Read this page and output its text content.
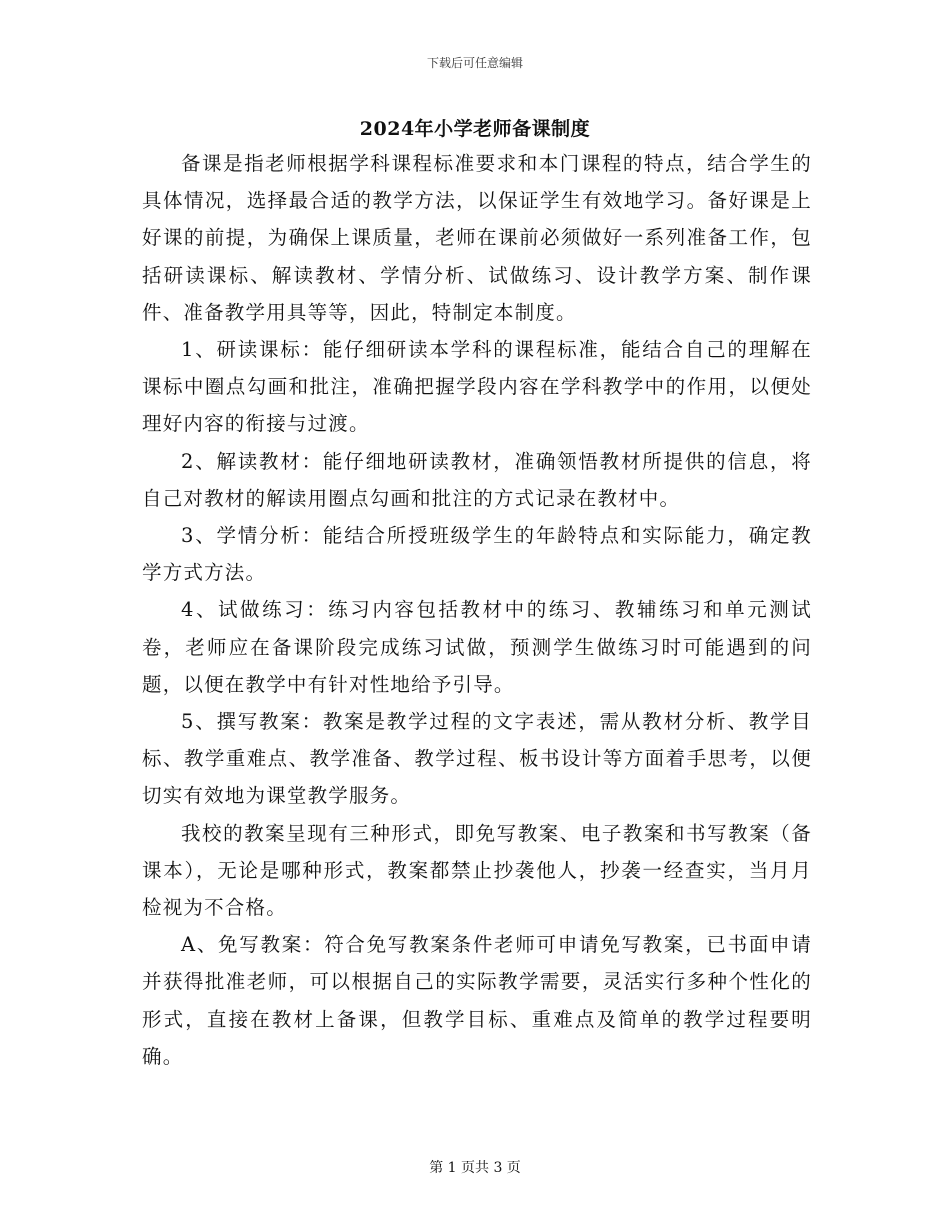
下载后可任意编辑
2024年小学老师备课制度

备课是指老师根据学科课程标准要求和本门课程的特点，结合学生的具体情况，选择最合适的教学方法，以保证学生有效地学习。备好课是上好课的前提，为确保上课质量，老师在课前必须做好一系列准备工作，包括研读课标、解读教材、学情分析、试做练习、设计教学方案、制作课件、准备教学用具等等，因此，特制定本制度。

1、研读课标：能仔细研读本学科的课程标准，能结合自己的理解在课标中圈点勾画和批注，准确把握学段内容在学科教学中的作用，以便处理好内容的衔接与过渡。

2、解读教材：能仔细地研读教材，准确领悟教材所提供的信息，将自己对教材的解读用圈点勾画和批注的方式记录在教材中。

3、学情分析：能结合所授班级学生的年龄特点和实际能力，确定教学方式方法。

4、试做练习：练习内容包括教材中的练习、教辅练习和单元测试卷，老师应在备课阶段完成练习试做，预测学生做练习时可能遇到的问题，以便在教学中有针对性地给予引导。

5、撰写教案：教案是教学过程的文字表述，需从教材分析、教学目标、教学重难点、教学准备、教学过程、板书设计等方面着手思考，以便切实有效地为课堂教学服务。

我校的教案呈现有三种形式，即免写教案、电子教案和书写教案（备课本），无论是哪种形式，教案都禁止抄袭他人，抄袭一经查实，当月月检视为不合格。

A、免写教案：符合免写教案条件老师可申请免写教案，已书面申请并获得批准老师，可以根据自己的实际教学需要，灵活实行多种个性化的形式，直接在教材上备课，但教学目标、重难点及简单的教学过程要明确。

第 1 页共 3 页
